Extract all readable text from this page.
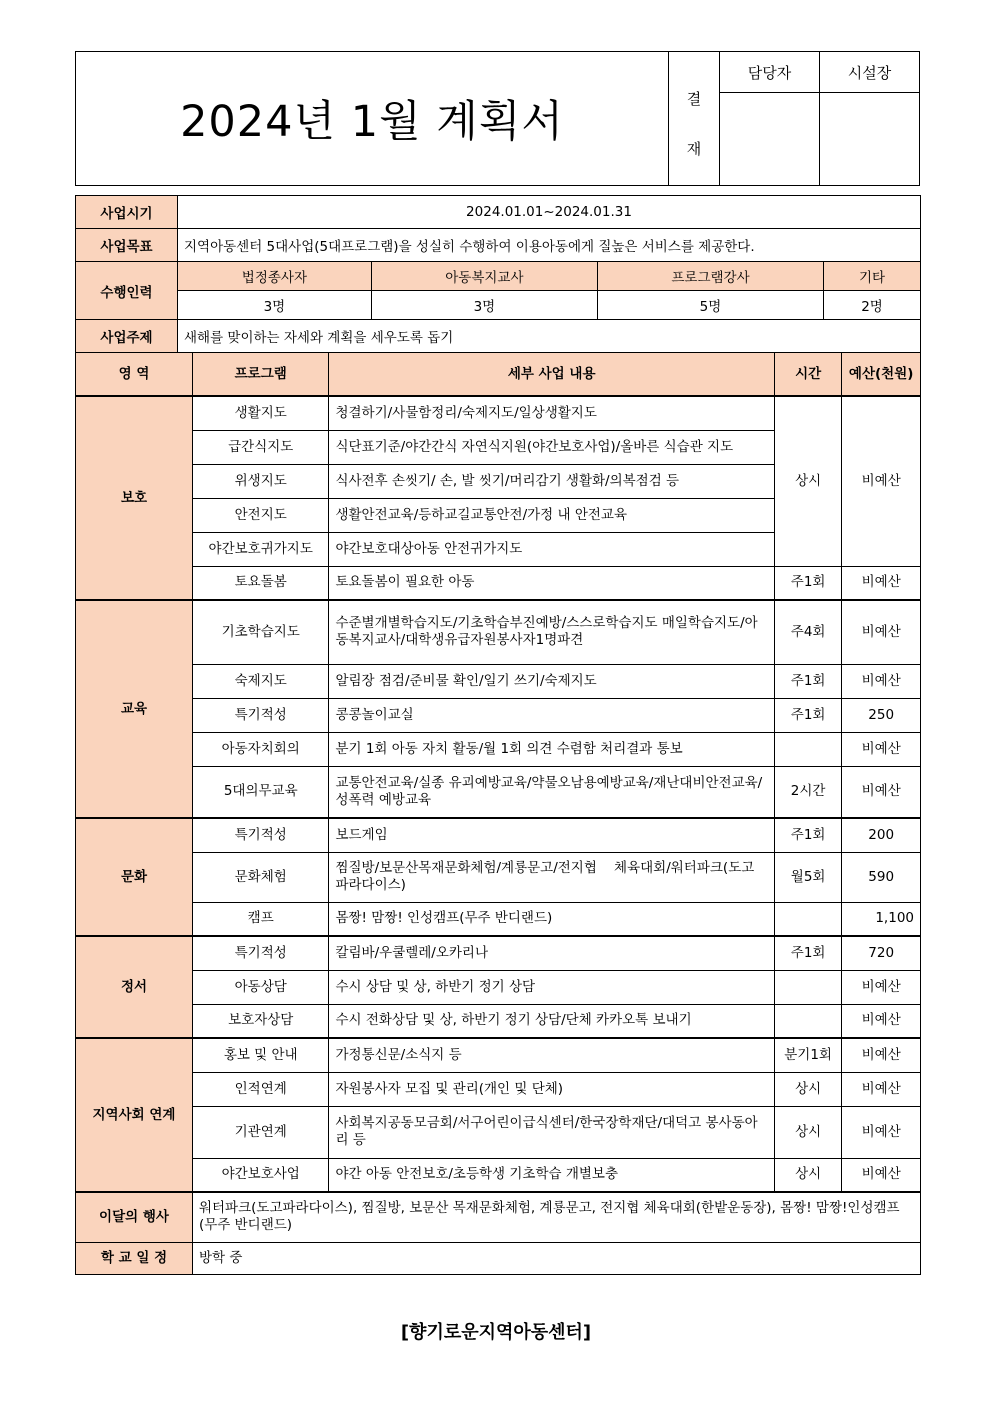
2024년 1월 계획서	결
재	담당자	시설장

사업시기	2024.01.01~2024.01.31			
사업목표	지역아동센터 5대사업(5대프로그램)을 성실히 수행하여 이용아동에게 질높은 서비스를 제공한다.			
수행인력	법정종사자	아동복지교사	프로그램강사	기타
	3명	3명	5명	2명
사업주제	새해를 맞이하는 자세와 계획을 세우도록 돕기			
영 역	프로그램	세부 사업 내용	시간	예산(천원)
보호	생활지도	청결하기/사물함정리/숙제지도/일상생활지도	상시	비예산
	급간식지도	식단표기준/야간간식 자연식지원(야간보호사업)/올바른 식습관 지도		
	위생지도	식사전후 손씻기/ 손, 발 씻기/머리감기 생활화/의복점검 등		
	안전지도	생활안전교육/등하교길교통안전/가정 내 안전교육		
	야간보호귀가지도	야간보호대상아동 안전귀가지도		
	토요돌봄	토요돌봄이 필요한 아동	주1회	비예산
교육	기초학습지도	수준별개별학습지도/기초학습부진예방/스스로학습지도 매일학습지도/아동복지교사/대학생유급자원봉사자1명파견	주4회	비예산
	숙제지도	알림장 점검/준비물 확인/일기 쓰기/숙제지도	주1회	비예산
	특기적성	콩콩놀이교실	주1회	250
	아동자치회의	분기 1회 아동 자치 활동/월 1회 의견 수렴함 처리결과 통보		비예산
	5대의무교육	교통안전교육/실종 유괴예방교육/약물오남용예방교육/재난대비안전교육/성폭력 예방교육	2시간	비예산
문화	특기적성	보드게임	주1회	200
	문화체험	찜질방/보문산목재문화체험/계룡문고/전지협    체육대회/워터파크(도고 파라다이스)	월5회	590
	캠프	몸짱! 맘짱! 인성캠프(무주 반디랜드)		1,100
정서	특기적성	칼림바/우쿨렐레/오카리나	주1회	720
	아동상담	수시 상담 및 상, 하반기 정기 상담		비예산
	보호자상담	수시 전화상담 및 상, 하반기 정기 상담/단체 카카오톡 보내기		비예산
지역사회 연계	홍보 및 안내	가정통신문/소식지 등	분기1회	비예산
	인적연계	자원봉사자 모집 및 관리(개인 및 단체)	상시	비예산
	기관연계	사회복지공동모금회/서구어린이급식센터/한국장학재단/대덕고 봉사동아리 등	상시	비예산
	야간보호사업	야간 아동 안전보호/초등학생 기초학습 개별보충	상시	비예산
이달의 행사	워터파크(도고파라다이스), 찜질방, 보문산 목재문화체험, 계룡문고, 전지협 체육대회(한밭운동장), 몸짱! 맘짱!인성캠프(무주 반디랜드)			
학 교 일 정	방학 중			
[향기로운지역아동센터]
